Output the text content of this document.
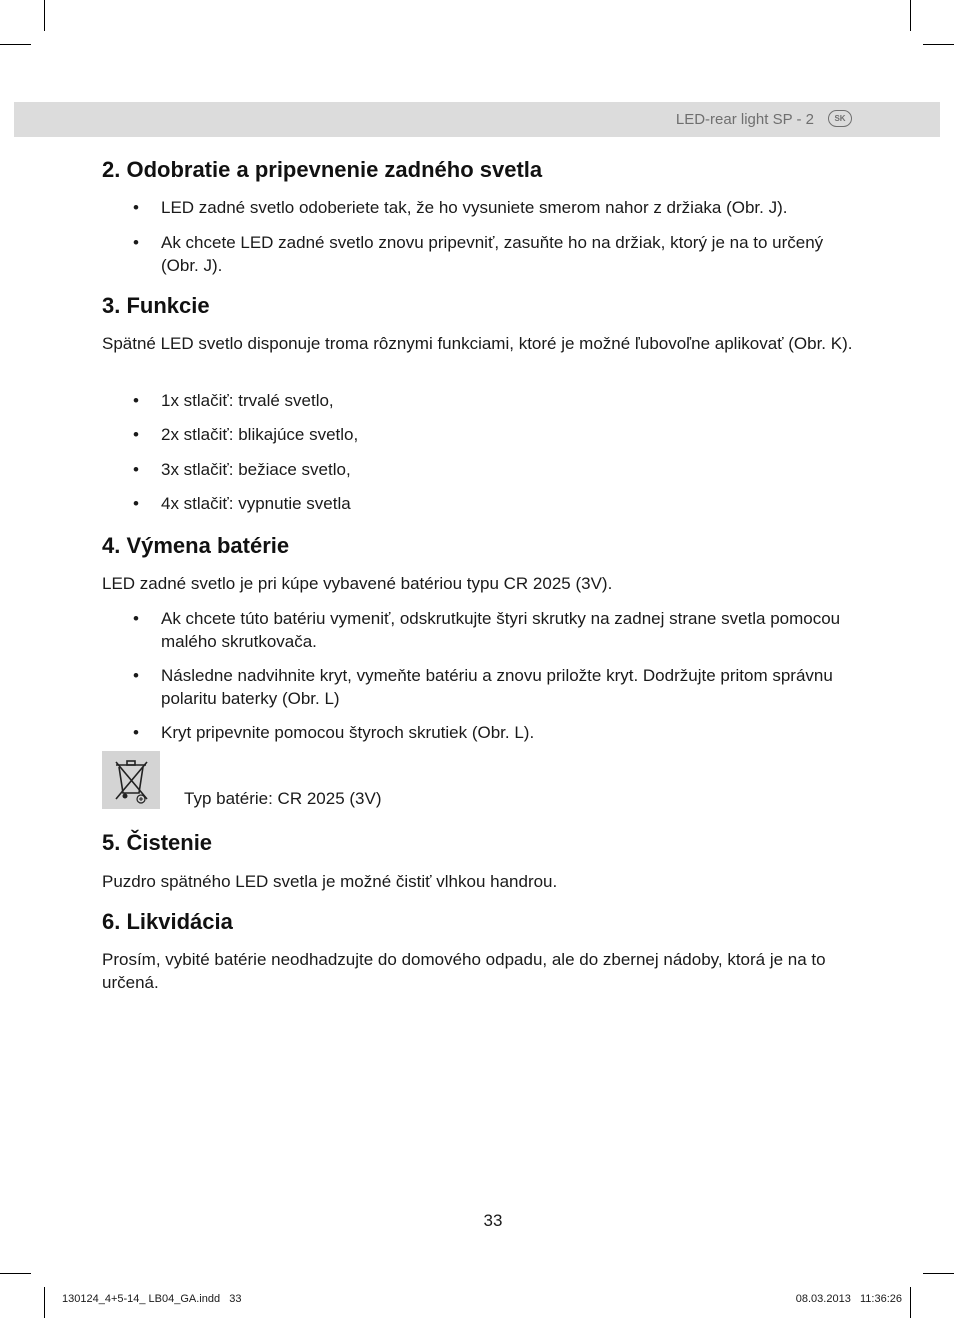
LED-rear light SP - 2	SK
2. Odobratie a pripevnenie zadného svetla
• LED zadné svetlo odoberiete tak, že ho vysuniete smerom nahor z držiaka (Obr. J).
• Ak chcete LED zadné svetlo znovu pripevniť, zasuňte ho na držiak, ktorý je na to určený (Obr. J).
3. Funkcie

Spätné LED svetlo disponuje troma rôznymi funkciami, ktoré je možné ľubovoľne aplikovať (Obr. K).

• 1x stlačiť: trvalé svetlo,
• 2x stlačiť: blikajúce svetlo,
• 3x stlačiť: bežiace svetlo,
• 4x stlačiť: vypnutie svetla
4. Výmena batérie

LED zadné svetlo je pri kúpe vybavené batériou typu CR 2025 (3V).

• Ak chcete túto batériu vymeniť, odskrutkujte štyri skrutky na zadnej strane svetla pomocou malého skrutkovača.
• Následne nadvihnite kryt, vymeňte batériu a znovu priložte kryt. Dodržujte pritom správnu polaritu baterky (Obr. L)
• Kryt pripevnite pomocou štyroch skrutiek (Obr. L).
Typ batérie: CR 2025 (3V)
5. Čistenie

Puzdro spätného LED svetla je možné čistiť vlhkou handrou.

6. Likvidácia

Prosím, vybité batérie neodhadzujte do domového odpadu, ale do zbernej nádoby, ktorá je na to určená.

33
130124_4+5-14_ LB04_GA.indd   33	08.03.2013   11:36:26
